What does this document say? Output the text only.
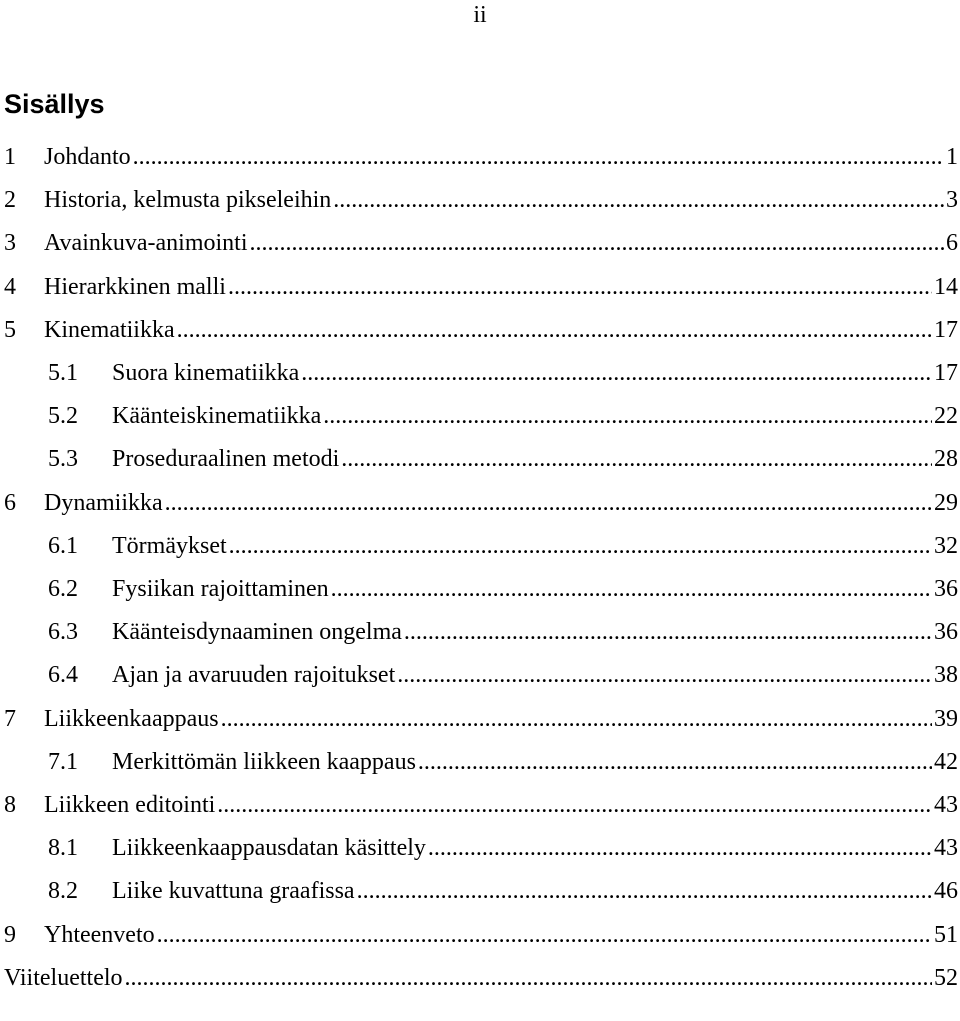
ii
Sisällys
1	Johdanto .....	1
2	Historia, kelmusta pikseleihin .....	3
3	Avainkuva-animointi .....	6
4	Hierarkkinen malli .....	14
5	Kinematiikka .....	17
5.1	Suora kinematiikka .....	17
5.2	Käänteiskinematiikka .....	22
5.3	Proseduraalinen metodi .....	28
6	Dynamiikka .....	29
6.1	Törmäykset .....	32
6.2	Fysiikan rajoittaminen .....	36
6.3	Käänteisdynaaminen ongelma .....	36
6.4	Ajan ja avaruuden rajoitukset .....	38
7	Liikkeenkaappaus .....	39
7.1	Merkittömän liikkeen kaappaus .....	42
8	Liikkeen editointi .....	43
8.1	Liikkeenkaappausdatan käsittely .....	43
8.2	Liike kuvattuna graafissa .....	46
9	Yhteenveto .....	51
Viiteluettelo .....	52
